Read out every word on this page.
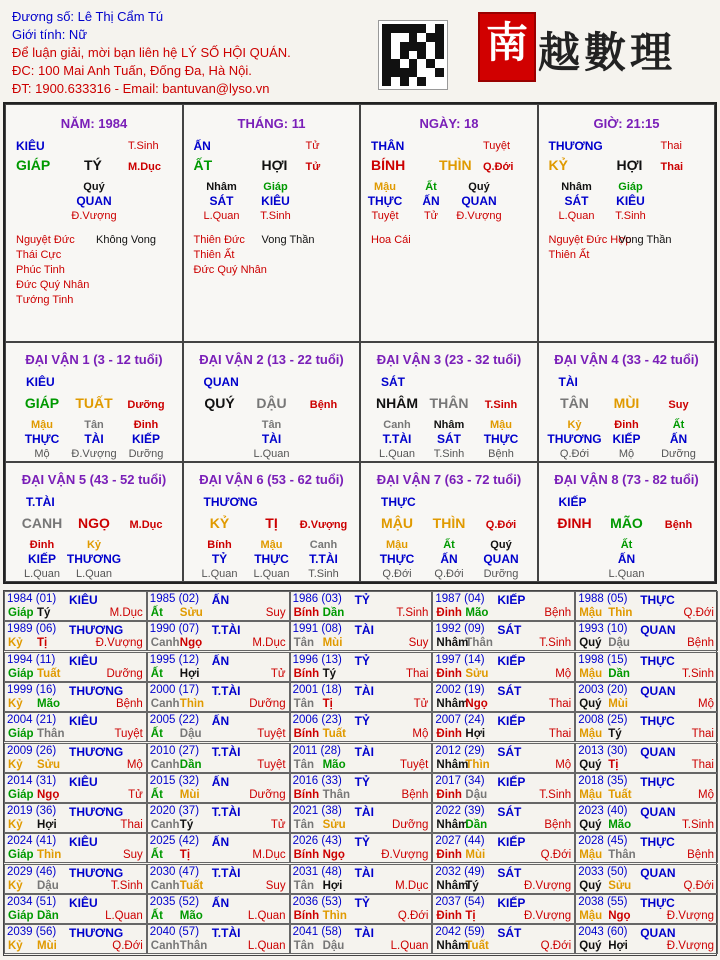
Đương số: Lê Thị Cẩm Tú
Giới tính: Nữ
Để luận giải, mời bạn liên hệ LÝ SỐ HỘI QUÁN.
ĐC: 100 Mai Anh Tuấn, Đống Đa, Hà Nội.
ĐT: 1900.633316 - Email: bantuvan@lyso.vn
南 越數理
NĂM: 1984
KIÊU	T.Sinh
GIÁP TÝ M.Dục
Quý
QUAN
Đ.Vượng
Nguyệt Đức
Thái Cực
Phúc Tinh
Đức Quý Nhân
Tướng Tinh
Không Vong
THÁNG: 11
ẤN	Tử
ẤT	HỢI Tử
Nhâm
SÁT
L.Quan
Giáp
KIÊU
T.Sinh
Thiên Đức
Thiên Ất
Đức Quý Nhân
Vong Thần
NGÀY: 18
THÂN	Tuyệt
BÍNH THÌN Q.Đới
Mậu
THỰC
Tuyệt
Ất
ẤN
Tử
Quý
QUAN
Đ.Vượng
Hoa Cái
GIỜ: 21:15
THƯƠNG	Thai
KỶ	HỢI Thai
Nhâm
SÁT
L.Quan
Giáp
KIÊU
T.Sinh
Nguyệt Đức Hợp
Thiên Ất
Vong Thần
ĐẠI VẬN 1 (3 - 12 tuổi)
KIÊU
GIÁP TUẤT Dưỡng
Mậu
THỰC
Mộ
Tân
TÀI
Đ.Vượng
Đinh
KIẾP
Dưỡng
ĐẠI VẬN 2 (13 - 22 tuổi)
QUAN
QUÝ DẬU Bệnh
Tân
TÀI
L.Quan
ĐẠI VẬN 3 (23 - 32 tuổi)
SÁT
NHÂM THÂN T.Sinh
Canh
T.TÀI
L.Quan
Nhâm
SÁT
T.Sinh
Mậu
THỰC
Bệnh
ĐẠI VẬN 4 (33 - 42 tuổi)
TÀI
TÂN MÙI	Suy
Kỷ
THƯƠNG
Q.Đới
Đinh
KIẾP
Mộ
Ất
ẤN
Dưỡng
ĐẠI VẬN 5 (43 - 52 tuổi)
T.TÀI
CANH NGỌ M.Dục
Đinh
KIẾP
L.Quan
Kỷ
THƯƠNG
L.Quan
ĐẠI VẬN 6 (53 - 62 tuổi)
THƯƠNG
KỶ	TỊ Đ.Vượng
Bính
TỶ
L.Quan
Mậu
THỰC
L.Quan
Canh
T.TÀI
T.Sinh
ĐẠI VẬN 7 (63 - 72 tuổi)
THỰC
MẬU THÌN Q.Đới
Mậu
THỰC
Q.Đới
Ất
ẤN
Q.Đới
Quý
QUAN
Dưỡng
ĐẠI VẬN 8 (73 - 82 tuổi)
KIẾP
ĐINH MÃO Bệnh
Ất
ẤN
L.Quan
1984 (01) KIÊU
Giáp Tý	M.Dục
1985 (02) ẤN
Ất Sửu	Suy
1986 (03) TỶ
Bính Dần	T.Sinh
1987 (04) KIẾP
Đinh Mão	Bệnh
1988 (05) THỰC
Mậu Thìn	Q.Đới
1989 (06) THƯƠNG
Kỷ Tị	Đ.Vượng
1990 (07) T.TÀI
Canh Ngọ	M.Dục
1991 (08) TÀI
Tân Mùi	Suy
1992 (09) SÁT
Nhâm
Thân	T.Sinh
1993 (10) QUAN
Quý Dậu	Bệnh
1994 (11) KIÊU
Giáp Tuất	Dưỡng
1995 (12) ẤN
Ất Hợi	Tử
1996 (13) TỶ
Bính Tý	Thai
1997 (14) KIẾP
Đinh Sửu	Mộ
1998 (15) THỰC
Mậu Dần	T.Sinh
1999 (16) THƯƠNG
Kỷ Mão	Bệnh
2000 (17) T.TÀI
Canh Thìn	Dưỡng
2001 (18) TÀI
Tân Tị	Tử
2002 (19) SÁT
Nhâm
Ngọ	Thai
2003 (20) QUAN
Quý Mùi	Mộ
2004 (21) KIÊU
Giáp Thân	Tuyệt
2005 (22) ẤN
Ất Dậu	Tuyệt
2006 (23) TỶ
Bính Tuất	Mộ
2007 (24) KIẾP
Đinh Hợi	Thai
2008 (25) THỰC
Mậu Tý	Thai
2009 (26) THƯƠNG
Kỷ Sửu	Mộ
2010 (27) T.TÀI
Canh Dần	Tuyệt
2011 (28) TÀI
Tân Mão	Tuyệt
2012 (29) SÁT
Nhâm
Thìn	Mộ
2013 (30) QUAN
Quý Tị	Thai
2014 (31) KIÊU
Giáp Ngọ	Tử
2015 (32) ẤN
Ất Mùi	Dưỡng
2016 (33) TỶ
Bính Thân	Bệnh
2017 (34) KIẾP
Đinh Dậu	T.Sinh
2018 (35) THỰC
Mậu Tuất	Mộ
2019 (36) THƯƠNG
Kỷ Hợi	Thai
2020 (37) T.TÀI
Canh Tý	Tử
2021 (38) TÀI
Tân Sửu	Dưỡng
2022 (39) SÁT
Nhâm
Dần	Bệnh
2023 (40) QUAN
Quý Mão	T.Sinh
2024 (41) KIÊU
Giáp Thìn	Suy
2025 (42) ẤN
Ất Tị	M.Dục
2026 (43) TỶ
Bính Ngọ	Đ.Vượng
2027 (44) KIẾP
Đinh Mùi	Q.Đới
2028 (45) THỰC
Mậu Thân	Bệnh
2029 (46) THƯƠNG
Kỷ Dậu	T.Sinh
2030 (47) T.TÀI
Canh Tuất	Suy
2031 (48) TÀI
Tân Hợi	M.Dục
2032 (49) SÁT
Nhâm
Tý	Đ.Vượng
2033 (50) QUAN
Quý Sửu	Q.Đới
2034 (51) KIÊU
Giáp Dần	L.Quan
2035 (52) ẤN
Ất Mão	L.Quan
2036 (53) TỶ
Bính Thìn	Q.Đới
2037 (54) KIẾP
Đinh Tị	Đ.Vượng
2038 (55) THỰC
Mậu Ngọ	Đ.Vượng
2039 (56) THƯƠNG
Kỷ Mùi	Q.Đới
2040 (57) T.TÀI
Canh Thân	L.Quan
2041 (58) TÀI
Tân Dậu	L.Quan
2042 (59) SÁT
Nhâm
Tuất	Q.Đới
2043 (60) QUAN
Quý Hợi	Đ.Vượng
